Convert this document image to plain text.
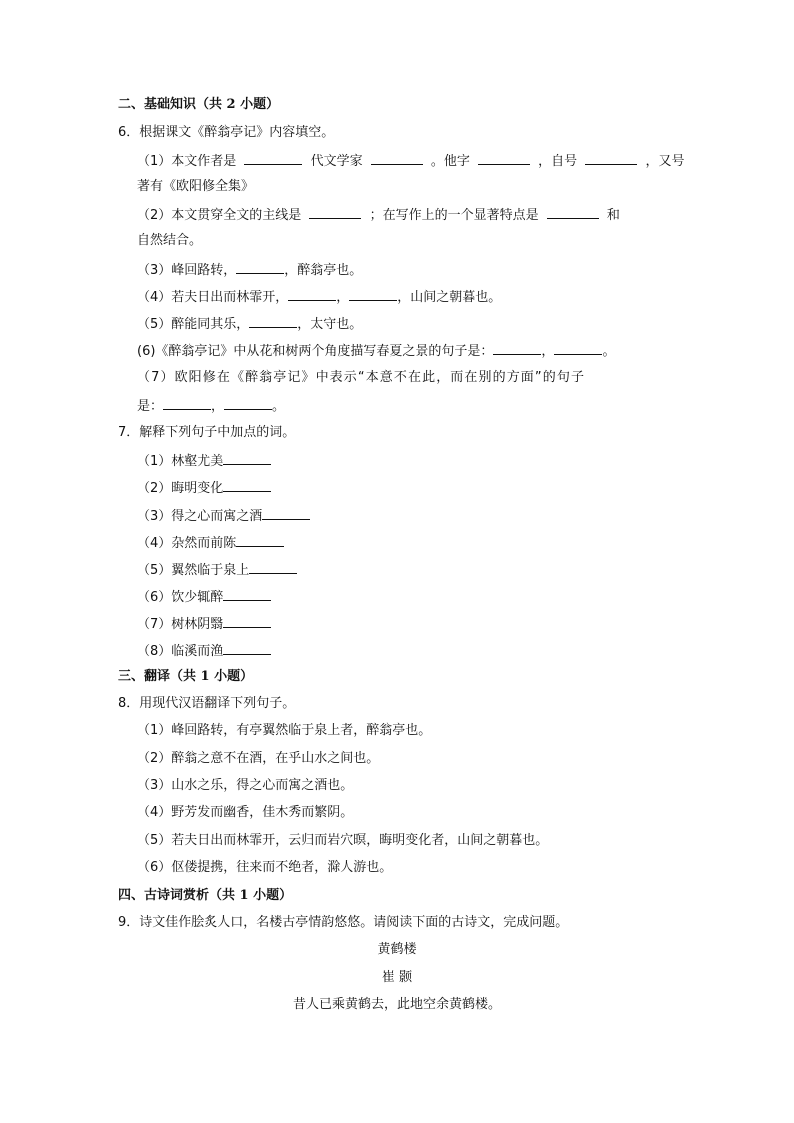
二、基础知识（共 2 小题）
6．根据课文《醉翁亭记》内容填空。
（1）本文作者是	代文学家	。他字	，自号	，又号
著有《欧阳修全集》
（2）本文贯穿全文的主线是	；在写作上的一个显著特点是	和
自然结合。
（3）峰回路转，	，醉翁亭也。
（4）若夫日出而林霏开，	，	，山间之朝暮也。
（5）醉能同其乐，	，太守也。
(6)《醉翁亭记》中从花和树两个角度描写春夏之景的句子是：	，	。
（7）欧阳修在《醉翁亭记》中表示“本意不在此，而在别的方面”的句子
是：	，	。
7．解释下列句子中加点的词。
（1）林壑尤美
（2）晦明变化
（3）得之心而寓之酒
（4）杂然而前陈
（5）翼然临于泉上
（6）饮少辄醉
（7）树林阴翳
（8）临溪而渔
三、翻译（共 1 小题）
8．用现代汉语翻译下列句子。
（1）峰回路转，有亭翼然临于泉上者，醉翁亭也。
（2）醉翁之意不在酒，在乎山水之间也。
（3）山水之乐，得之心而寓之酒也。
（4）野芳发而幽香，佳木秀而繁阴。
（5）若夫日出而林霏开，云归而岩穴暝，晦明变化者，山间之朝暮也。
（6）伛偻提携，往来而不绝者，滁人游也。
四、古诗词赏析（共 1 小题）
9．诗文佳作脍炙人口，名楼古亭情韵悠悠。请阅读下面的古诗文，完成问题。
黄鹤楼
崔 颢
昔人已乘黄鹤去，此地空余黄鹤楼。
